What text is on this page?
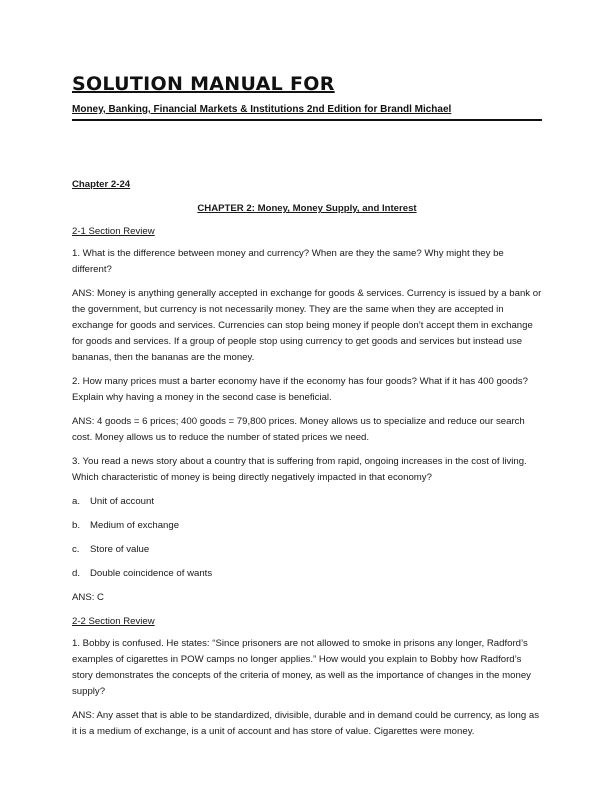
SOLUTION MANUAL FOR
Money, Banking, Financial Markets & Institutions 2nd Edition for Brandl Michael
Chapter 2-24
CHAPTER 2: Money, Money Supply, and Interest
2-1 Section Review

1. What is the difference between money and currency? When are they the same? Why might they be different?

ANS: Money is anything generally accepted in exchange for goods & services. Currency is issued by a bank or the government, but currency is not necessarily money. They are the same when they are accepted in exchange for goods and services. Currencies can stop being money if people don’t accept them in exchange for goods and services. If a group of people stop using currency to get goods and services but instead use bananas, then the bananas are the money.

2. How many prices must a barter economy have if the economy has four goods? What if it has 400 goods? Explain why having a money in the second case is beneficial.

ANS: 4 goods = 6 prices; 400 goods = 79,800 prices. Money allows us to specialize and reduce our search cost. Money allows us to reduce the number of stated prices we need.

3. You read a news story about a country that is suffering from rapid, ongoing increases in the cost of living. Which characteristic of money is being directly negatively impacted in that economy?

a. Unit of account
b. Medium of exchange
c. Store of value
d. Double coincidence of wants

ANS: C

2-2 Section Review

1. Bobby is confused. He states: “Since prisoners are not allowed to smoke in prisons any longer, Radford’s examples of cigarettes in POW camps no longer applies.” How would you explain to Bobby how Radford’s story demonstrates the concepts of the criteria of money, as well as the importance of changes in the money supply?

ANS: Any asset that is able to be standardized, divisible, durable and in demand could be currency, as long as it is a medium of exchange, is a unit of account and has store of value. Cigarettes were money.
